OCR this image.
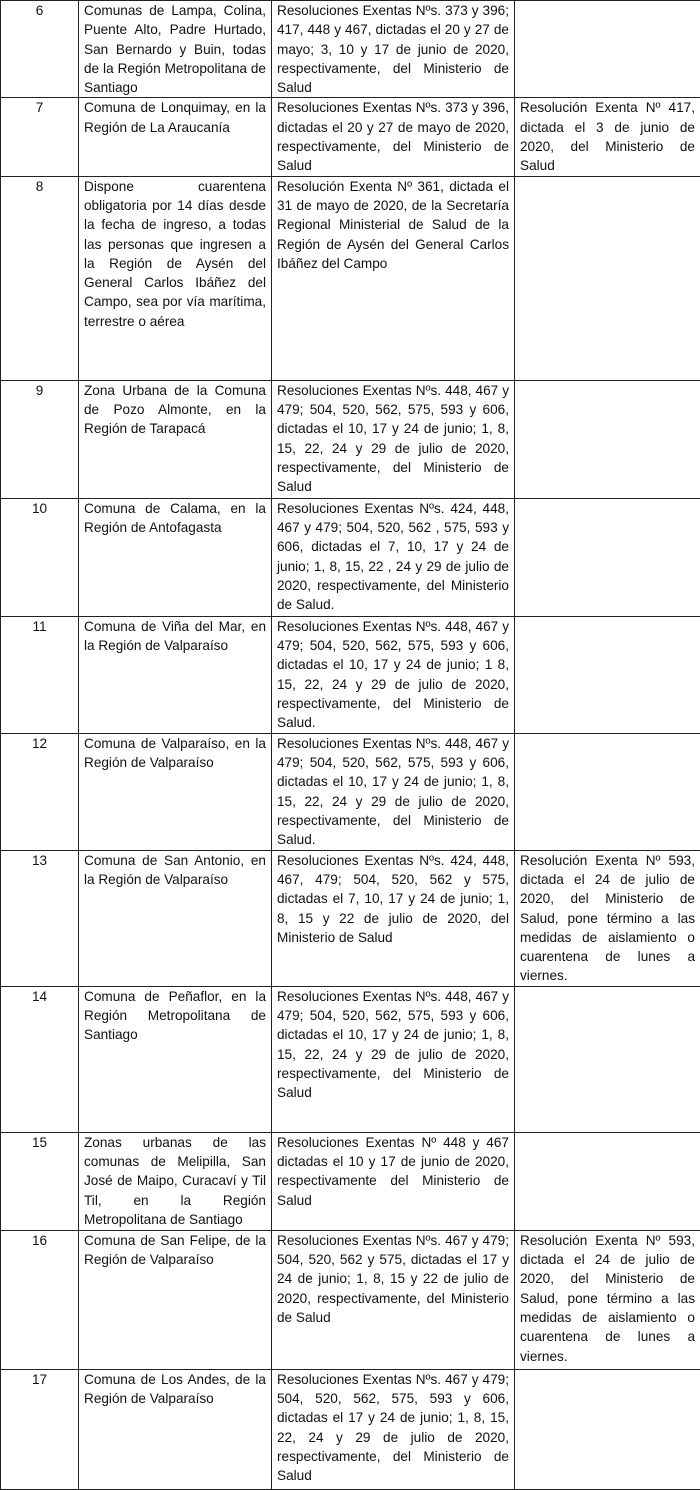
6	Comunas de Lampa, Colina, Puente Alto, Padre Hurtado, San Bernardo y Buin, todas de la Región Metropolitana de Santiago	Resoluciones Exentas Nºs. 373 y 396; 417, 448 y 467, dictadas el 20 y 27 de mayo; 3, 10 y 17 de junio de 2020, respectivamente, del Ministerio de Salud	
7	Comuna de Lonquimay, en la Región de La Araucanía	Resoluciones Exentas Nºs. 373 y 396, dictadas el 20 y 27 de mayo de 2020, respectivamente, del Ministerio de Salud	Resolución Exenta Nº 417, dictada el 3 de junio de 2020, del Ministerio de Salud
8	Dispone cuarentena obligatoria por 14 días desde la fecha de ingreso, a todas las personas que ingresen a la Región de Aysén del General Carlos Ibáñez del Campo, sea por vía marítima, terrestre o aérea	Resolución Exenta Nº 361, dictada el 31 de mayo de 2020, de la Secretaría Regional Ministerial de Salud de la Región de Aysén del General Carlos Ibáñez del Campo	
9	Zona Urbana de la Comuna de Pozo Almonte, en la Región de Tarapacá	Resoluciones Exentas Nºs. 448, 467 y 479; 504, 520, 562, 575, 593 y 606, dictadas el 10, 17 y 24 de junio; 1, 8, 15, 22, 24 y 29 de julio de 2020, respectivamente, del Ministerio de Salud	
10	Comuna de Calama, en la Región de Antofagasta	Resoluciones Exentas Nºs. 424, 448, 467 y 479; 504, 520, 562 , 575, 593 y 606, dictadas el 7, 10, 17 y 24 de junio; 1, 8, 15, 22 , 24 y 29 de julio de 2020, respectivamente, del Ministerio de Salud.	
11	Comuna de Viña del Mar, en la Región de Valparaíso	Resoluciones Exentas Nºs. 448, 467 y 479; 504, 520, 562, 575, 593 y 606, dictadas el 10, 17 y 24 de junio; 1 8, 15, 22, 24 y 29 de julio de 2020, respectivamente, del Ministerio de Salud.	
12	Comuna de Valparaíso, en la Región de Valparaíso	Resoluciones Exentas Nºs. 448, 467 y 479; 504, 520, 562, 575, 593 y 606, dictadas el 10, 17 y 24 de junio; 1, 8, 15, 22, 24 y 29 de julio de 2020, respectivamente, del Ministerio de Salud.	
13	Comuna de San Antonio, en la Región de Valparaíso	Resoluciones Exentas Nºs. 424, 448, 467, 479; 504, 520, 562 y 575, dictadas el 7, 10, 17 y 24 de junio; 1, 8, 15 y 22 de julio de 2020, del Ministerio de Salud	Resolución Exenta Nº 593, dictada el 24 de julio de 2020, del Ministerio de Salud, pone término a las medidas de aislamiento o cuarentena de lunes a viernes.
14	Comuna de Peñaflor, en la Región Metropolitana de Santiago	Resoluciones Exentas Nºs. 448, 467 y 479; 504, 520, 562, 575, 593 y 606, dictadas el 10, 17 y 24 de junio; 1, 8, 15, 22, 24 y 29 de julio de 2020, respectivamente, del Ministerio de Salud	
15	Zonas urbanas de las comunas de Melipilla, San José de Maipo, Curacaví y Til Til, en la Región Metropolitana de Santiago	Resoluciones Exentas Nº 448 y 467 dictadas el 10 y 17 de junio de 2020, respectivamente del Ministerio de Salud	
16	Comuna de San Felipe, de la Región de Valparaíso	Resoluciones Exentas Nºs. 467 y 479; 504, 520, 562 y 575, dictadas el 17 y 24 de junio; 1, 8, 15 y 22 de julio de 2020, respectivamente, del Ministerio de Salud	Resolución Exenta Nº 593, dictada el 24 de julio de 2020, del Ministerio de Salud, pone término a las medidas de aislamiento o cuarentena de lunes a viernes.
17	Comuna de Los Andes, de la Región de Valparaíso	Resoluciones Exentas Nºs. 467 y 479; 504, 520, 562, 575, 593 y 606, dictadas el 17 y 24 de junio; 1, 8, 15, 22, 24 y 29 de julio de 2020, respectivamente, del Ministerio de Salud	
